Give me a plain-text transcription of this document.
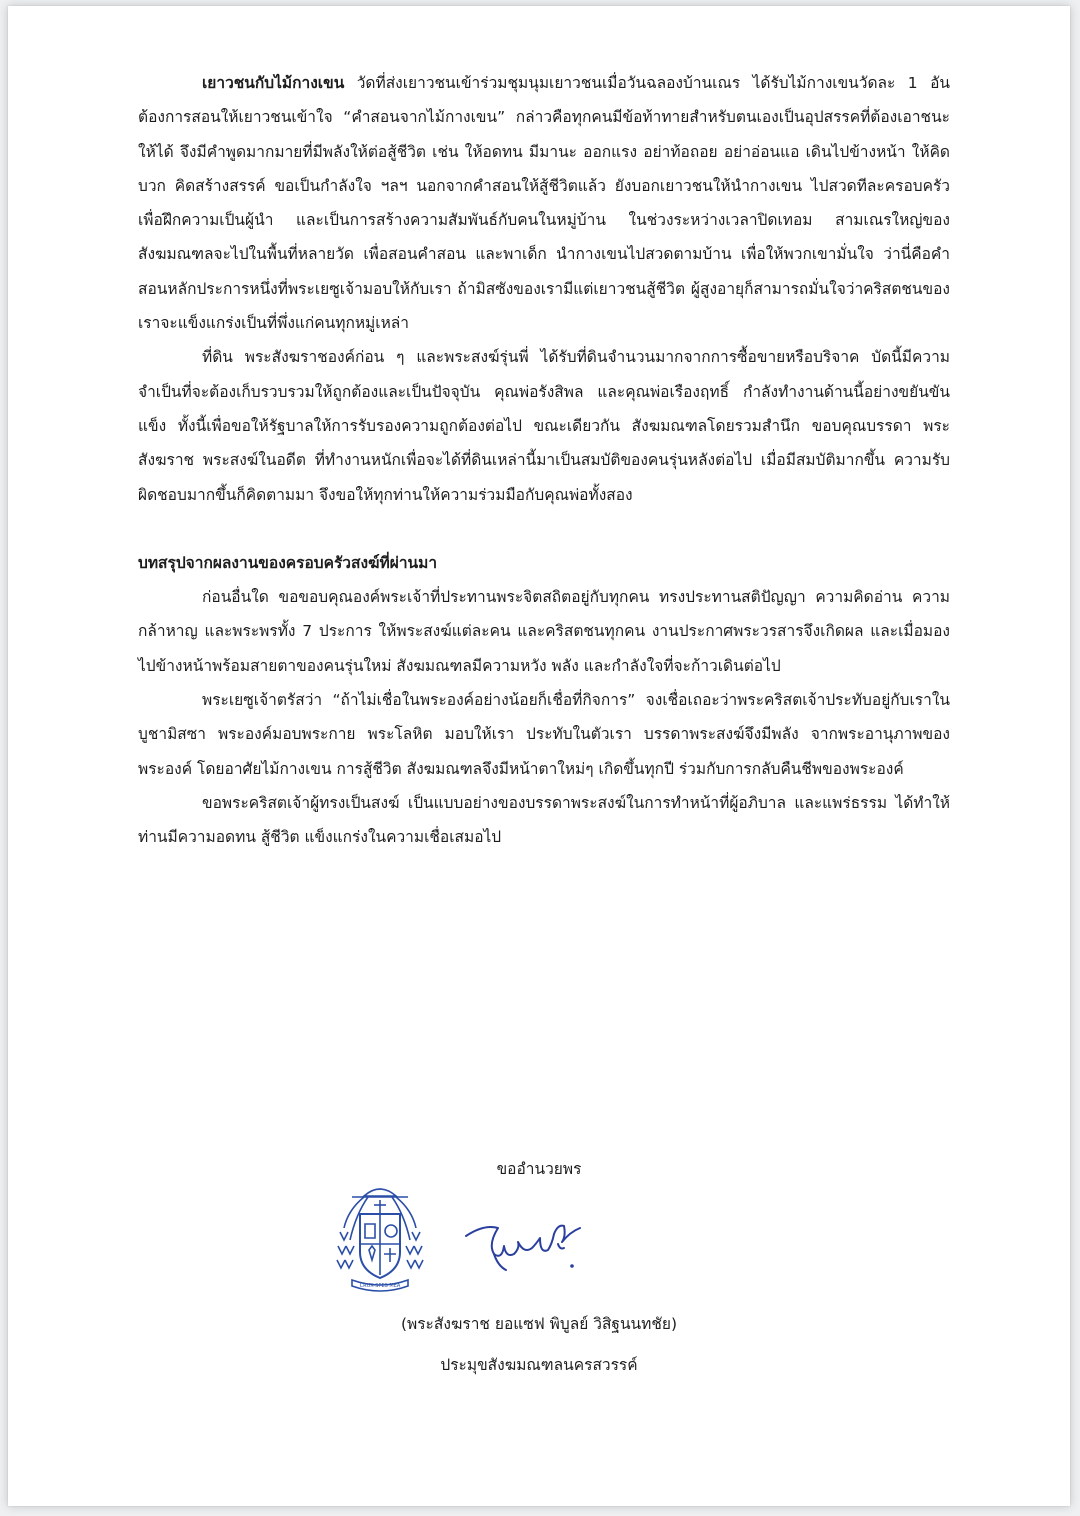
เยาวชนกับไม้กางเขน วัดที่ส่งเยาวชนเข้าร่วมชุมนุมเยาวชนเมื่อวันฉลองบ้านเณร ได้รับไม้กางเขนวัดละ 1 อัน ต้องการสอนให้เยาวชนเข้าใจ “คำสอนจากไม้กางเขน” กล่าวคือทุกคนมีข้อท้าทายสำหรับตนเองเป็นอุปสรรคที่ต้องเอาชนะให้ได้ จึงมีคำพูดมากมายที่มีพลังให้ต่อสู้ชีวิต เช่น ให้อดทน มีมานะ ออกแรง อย่าท้อถอย อย่าอ่อนแอ เดินไปข้างหน้า ให้คิดบวก คิดสร้างสรรค์ ขอเป็นกำลังใจ ฯลฯ นอกจากคำสอนให้สู้ชีวิตแล้ว ยังบอกเยาวชนให้นำกางเขน ไปสวดทีละครอบครัว เพื่อฝึกความเป็นผู้นำ และเป็นการสร้างความสัมพันธ์กับคนในหมู่บ้าน ในช่วงระหว่างเวลาปิดเทอม สามเณรใหญ่ของสังฆมณฑลจะไปในพื้นที่หลายวัด เพื่อสอนคำสอน และพาเด็ก นำกางเขนไปสวดตามบ้าน เพื่อให้พวกเขามั่นใจ ว่านี่คือคำสอนหลักประการหนึ่งที่พระเยซูเจ้ามอบให้กับเรา ถ้ามิสซังของเรามีแต่เยาวชนสู้ชีวิต ผู้สูงอายุก็สามารถมั่นใจว่าคริสตชนของเราจะแข็งแกร่งเป็นที่พึ่งแก่คนทุกหมู่เหล่า

ที่ดิน พระสังฆราชองค์ก่อน ๆ และพระสงฆ์รุ่นพี่ ได้รับที่ดินจำนวนมากจากการซื้อขายหรือบริจาค บัดนี้มีความจำเป็นที่จะต้องเก็บรวบรวมให้ถูกต้องและเป็นปัจจุบัน คุณพ่อรังสิพล และคุณพ่อเรืองฤทธิ์ กำลังทำงานด้านนี้อย่างขยันขันแข็ง ทั้งนี้เพื่อขอให้รัฐบาลให้การรับรองความถูกต้องต่อไป ขณะเดียวกัน สังฆมณฑลโดยรวมสำนึก ขอบคุณบรรดา พระสังฆราช พระสงฆ์ในอดีต ที่ทำงานหนักเพื่อจะได้ที่ดินเหล่านี้มาเป็นสมบัติของคนรุ่นหลังต่อไป เมื่อมีสมบัติมากขึ้น ความรับผิดชอบมากขึ้นก็คิดตามมา จึงขอให้ทุกท่านให้ความร่วมมือกับคุณพ่อทั้งสอง

บทสรุปจากผลงานของครอบครัวสงฆ์ที่ผ่านมา

ก่อนอื่นใด ขอขอบคุณองค์พระเจ้าที่ประทานพระจิตสถิตอยู่กับทุกคน ทรงประทานสติปัญญา ความคิดอ่าน ความกล้าหาญ และพระพรทั้ง 7 ประการ ให้พระสงฆ์แต่ละคน และคริสตชนทุกคน งานประกาศพระวรสารจึงเกิดผล และเมื่อมองไปข้างหน้าพร้อมสายตาของคนรุ่นใหม่ สังฆมณฑลมีความหวัง พลัง และกำลังใจที่จะก้าวเดินต่อไป

พระเยซูเจ้าตรัสว่า “ถ้าไม่เชื่อในพระองค์อย่างน้อยก็เชื่อที่กิจการ” จงเชื่อเถอะว่าพระคริสตเจ้าประทับอยู่กับเราในบูชามิสซา พระองค์มอบพระกาย พระโลหิต มอบให้เรา ประทับในตัวเรา บรรดาพระสงฆ์จึงมีพลัง จากพระอานุภาพของพระองค์ โดยอาศัยไม้กางเขน การสู้ชีวิต สังฆมณฑลจึงมีหน้าตาใหม่ๆ เกิดขึ้นทุกปี ร่วมกับการกลับคืนชีพของพระองค์

ขอพระคริสตเจ้าผู้ทรงเป็นสงฆ์ เป็นแบบอย่างของบรรดาพระสงฆ์ในการทำหน้าที่ผู้อภิบาล และแพร่ธรรม ได้ทำให้ท่านมีความอดทน สู้ชีวิต แข็งแกร่งในความเชื่อเสมอไป

ขออำนวยพร
CRUX SPES MEA
(พระสังฆราช ยอแซฟ พิบูลย์ วิสิฐนนทชัย)
ประมุขสังฆมณฑลนครสวรรค์
